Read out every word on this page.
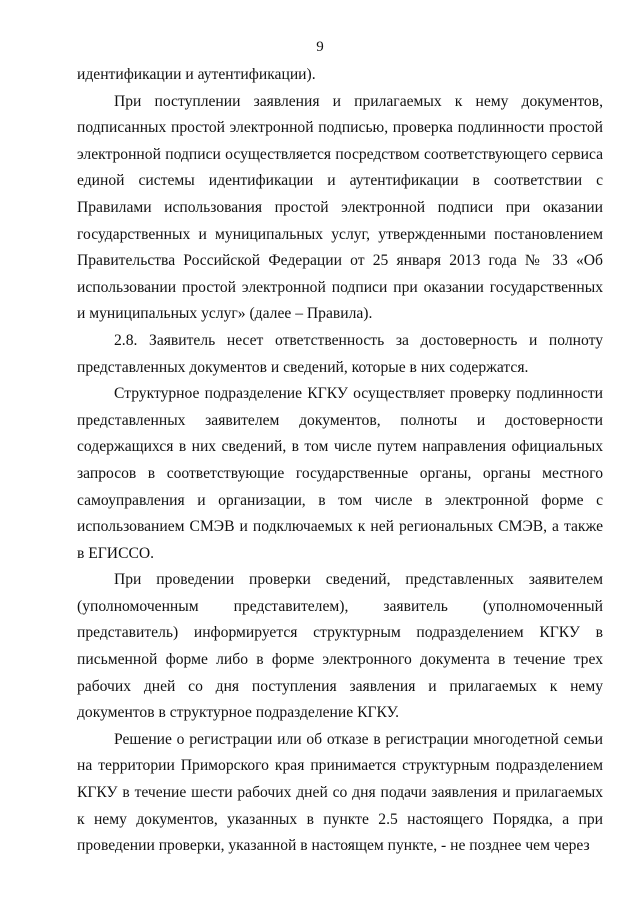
9

идентификации и аутентификации).

При поступлении заявления и прилагаемых к нему документов, подписанных простой электронной подписью, проверка подлинности простой электронной подписи осуществляется посредством соответствующего сервиса единой системы идентификации и аутентификации в соответствии с Правилами использования простой электронной подписи при оказании государственных и муниципальных услуг, утвержденными постановлением Правительства Российской Федерации от 25 января 2013 года № 33 «Об использовании простой электронной подписи при оказании государственных и муниципальных услуг» (далее – Правила).

2.8. Заявитель несет ответственность за достоверность и полноту представленных документов и сведений, которые в них содержатся.

Структурное подразделение КГКУ осуществляет проверку подлинности представленных заявителем документов, полноты и достоверности содержащихся в них сведений, в том числе путем направления официальных запросов в соответствующие государственные органы, органы местного самоуправления и организации, в том числе в электронной форме с использованием СМЭВ и подключаемых к ней региональных СМЭВ, а также в ЕГИССО.

При проведении проверки сведений, представленных заявителем (уполномоченным представителем), заявитель (уполномоченный представитель) информируется структурным подразделением КГКУ в письменной форме либо в форме электронного документа в течение трех рабочих дней со дня поступления заявления и прилагаемых к нему документов в структурное подразделение КГКУ.

Решение о регистрации или об отказе в регистрации многодетной семьи на территории Приморского края принимается структурным подразделением КГКУ в течение шести рабочих дней со дня подачи заявления и прилагаемых к нему документов, указанных в пункте 2.5 настоящего Порядка, а при проведении проверки, указанной в настоящем пункте, - не позднее чем через
